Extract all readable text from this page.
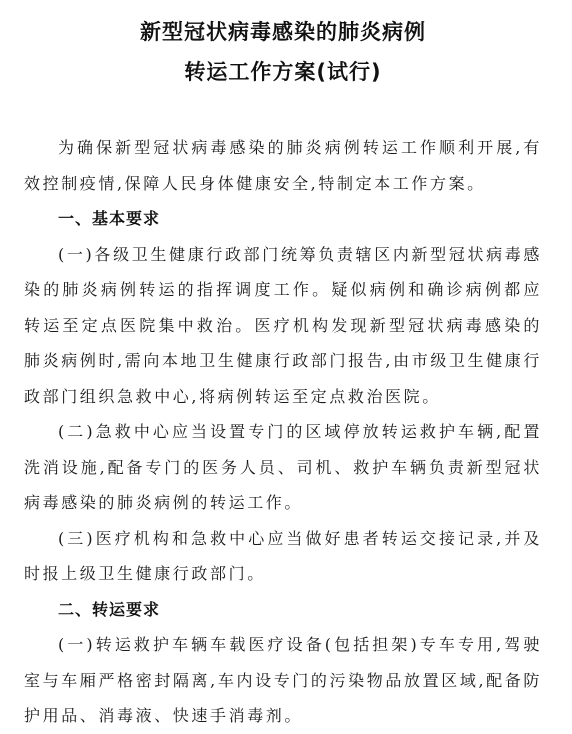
新型冠状病毒感染的肺炎病例
转运工作方案(试行)

为确保新型冠状病毒感染的肺炎病例转运工作顺利开展,有效控制疫情,保障人民身体健康安全,特制定本工作方案。

一、基本要求

(一)各级卫生健康行政部门统筹负责辖区内新型冠状病毒感染的肺炎病例转运的指挥调度工作。疑似病例和确诊病例都应转运至定点医院集中救治。医疗机构发现新型冠状病毒感染的肺炎病例时,需向本地卫生健康行政部门报告,由市级卫生健康行政部门组织急救中心,将病例转运至定点救治医院。

(二)急救中心应当设置专门的区域停放转运救护车辆,配置洗消设施,配备专门的医务人员、司机、救护车辆负责新型冠状病毒感染的肺炎病例的转运工作。

(三)医疗机构和急救中心应当做好患者转运交接记录,并及时报上级卫生健康行政部门。

二、转运要求

(一)转运救护车辆车载医疗设备(包括担架)专车专用,驾驶室与车厢严格密封隔离,车内设专门的污染物品放置区域,配备防护用品、消毒液、快速手消毒剂。
